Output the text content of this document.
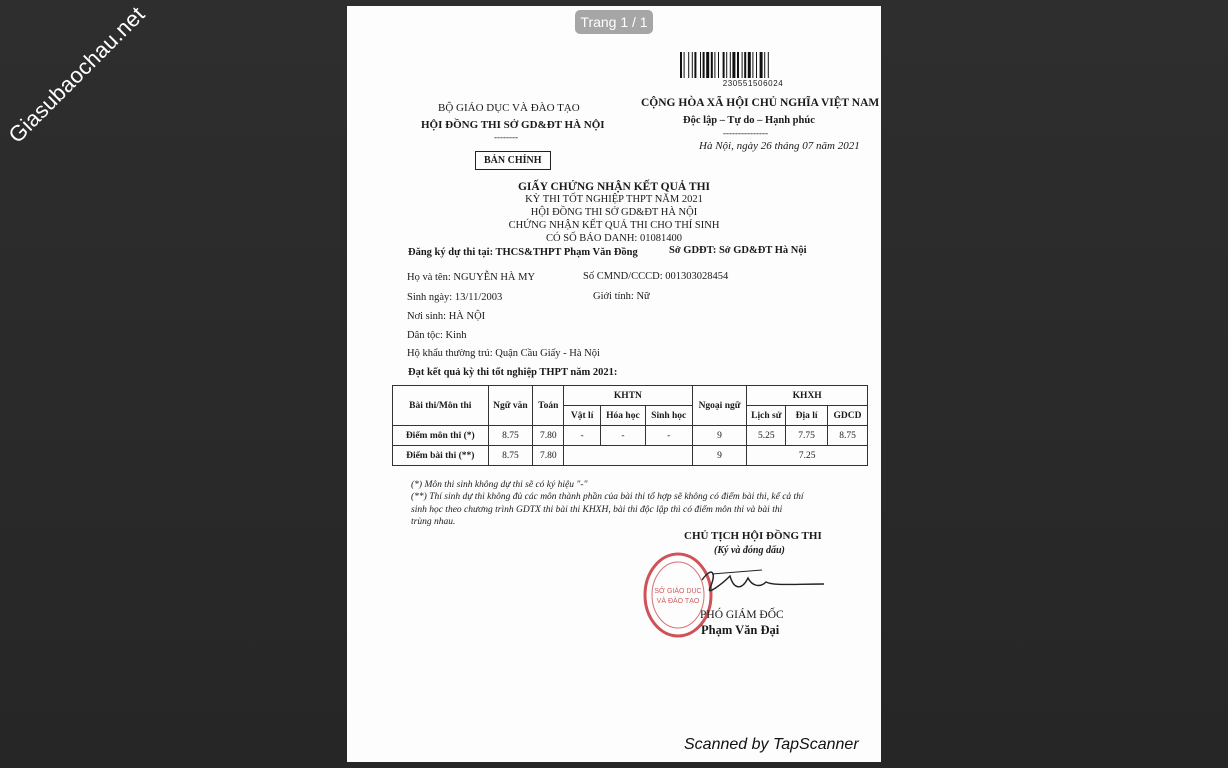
Giasubaochau.net	Trang 1 / 1
230551506024
BỘ GIÁO DỤC VÀ ĐÀO TẠO
HỘI ĐỒNG THI SỞ GD&ĐT HÀ NỘI
--------
CỘNG HÒA XÃ HỘI CHỦ NGHĨA VIỆT NAM
Độc lập – Tự do – Hạnh phúc
---------------
Hà Nội, ngày 26 tháng 07 năm 2021
BẢN CHÍNH
GIẤY CHỨNG NHẬN KẾT QUẢ THI
KỲ THI TỐT NGHIỆP THPT NĂM 2021
HỘI ĐỒNG THI SỞ GD&ĐT HÀ NỘI
CHỨNG NHẬN KẾT QUẢ THI CHO THÍ SINH
CÓ SỐ BÁO DANH: 01081400
Đăng ký dự thi tại: THCS&THPT Phạm Văn Đồng	Sở GDĐT: Sở GD&ĐT Hà Nội
Họ và tên: NGUYỄN HÀ MY	Số CMND/CCCD: 001303028454
Sinh ngày: 13/11/2003	Giới tính: Nữ
Nơi sinh: HÀ NỘI
Dân tộc: Kinh
Hộ khẩu thường trú: Quận Cầu Giấy - Hà Nội
Đạt kết quả kỳ thi tốt nghiệp THPT năm 2021:
Bài thi/Môn thi	Ngữ văn	Toán	KHTN			Ngoại ngữ	KHXH		
			Vật lí	Hóa học	Sinh học		Lịch sử	Địa lí	GDCD
Điểm môn thi (*)	8.75	7.80	-	-	-	9	5.25	7.75	8.75
Điểm bài thi (**)	8.75	7.80				9	7.25		
(*) Môn thi sinh không dự thi sẽ có ký hiệu "-"
(**) Thí sinh dự thi không đủ các môn thành phần của bài thi tổ hợp sẽ không có điểm bài thi, kể cả thí
sinh học theo chương trình GDTX thi bài thi KHXH, bài thi độc lập thì có điểm môn thi và bài thi
trùng nhau.
CHỦ TỊCH HỘI ĐỒNG THI
(Ký và đóng dấu)
SỞ GIÁO DỤC
VÀ ĐÀO TẠO
PHÓ GIÁM ĐỐC
Phạm Văn Đại
Scanned by TapScanner
